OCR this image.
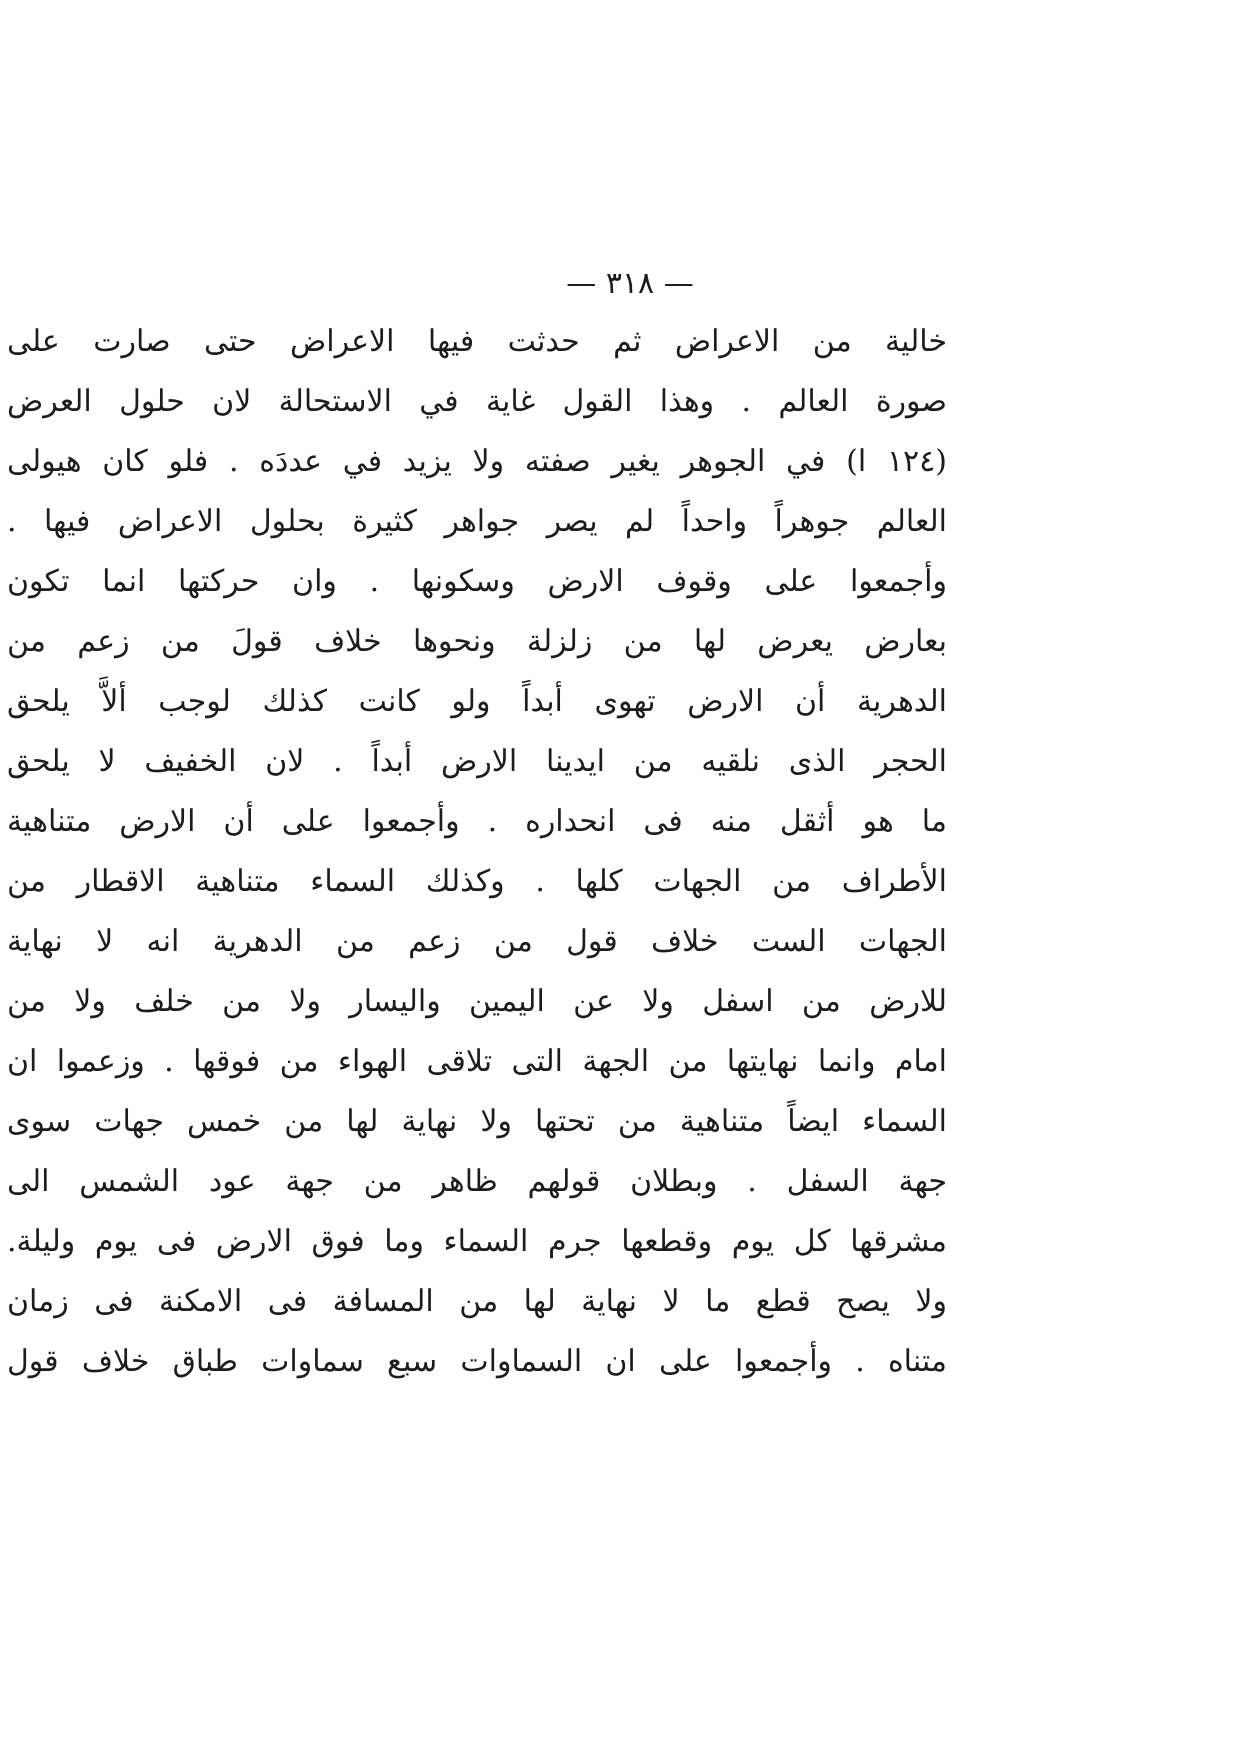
— ٣١٨ —
خالية من الاعراض ثم حدثت فيها الاعراض حتى صارت على
صورة العالم . وهذا القول غاية في الاستحالة لان حلول العرض
(١٢٤ ا) في الجوهر يغير صفته ولا يزيد في عددَه . فلو كان هيولى
العالم جوهراً واحداً لم يصر جواهر كثيرة بحلول الاعراض فيها .
وأجمعوا على وقوف الارض وسكونها . وان حركتها انما تكون
بعارض يعرض لها من زلزلة ونحوها خلاف قولَ من زعم من
الدهرية أن الارض تهوى أبداً ولو كانت كذلك لوجب ألاَّ يلحق
الحجر الذى نلقيه من ايدينا الارض أبداً . لان الخفيف لا يلحق
ما هو أثقل منه فى انحداره . وأجمعوا على أن الارض متناهية
الأطراف من الجهات كلها . وكذلك السماء متناهية الاقطار من
الجهات الست خلاف قول من زعم من الدهرية انه لا نهاية
للارض من اسفل ولا عن اليمين واليسار ولا من خلف ولا من
امام وانما نهايتها من الجهة التى تلاقى الهواء من فوقها . وزعموا ان
السماء ايضاً متناهية من تحتها ولا نهاية لها من خمس جهات سوى
جهة السفل . وبطلان قولهم ظاهر من جهة عود الشمس الى
مشرقها كل يوم وقطعها جرم السماء وما فوق الارض فى يوم وليلة.
ولا يصح قطع ما لا نهاية لها من المسافة فى الامكنة فى زمان
متناه . وأجمعوا على ان السماوات سبع سماوات طباق خلاف قول
